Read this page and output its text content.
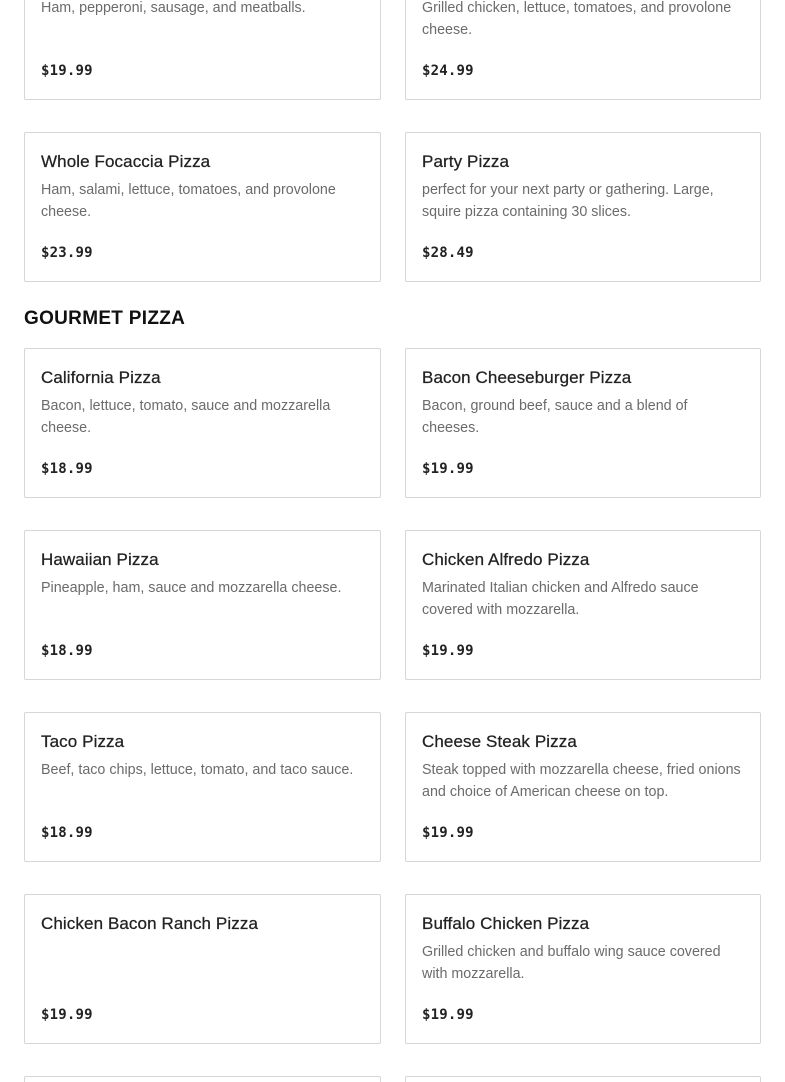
Ham, pepperoni, sausage, and meatballs.
$19.99
Grilled chicken, lettuce, tomatoes, and provolone cheese.
$24.99
Whole Focaccia Pizza
Ham, salami, lettuce, tomatoes, and provolone cheese.
$23.99
Party Pizza
perfect for your next party or gathering. Large, squire pizza containing 30 slices.
$28.49
GOURMET PIZZA
California Pizza
Bacon, lettuce, tomato, sauce and mozzarella cheese.
$18.99
Bacon Cheeseburger Pizza
Bacon, ground beef, sauce and a blend of cheeses.
$19.99
Hawaiian Pizza
Pineapple, ham, sauce and mozzarella cheese.
$18.99
Chicken Alfredo Pizza
Marinated Italian chicken and Alfredo sauce covered with mozzarella.
$19.99
Taco Pizza
Beef, taco chips, lettuce, tomato, and taco sauce.
$18.99
Cheese Steak Pizza
Steak topped with mozzarella cheese, fried onions and choice of American cheese on top.
$19.99
Chicken Bacon Ranch Pizza
$19.99
Buffalo Chicken Pizza
Grilled chicken and buffalo wing sauce covered with mozzarella.
$19.99
